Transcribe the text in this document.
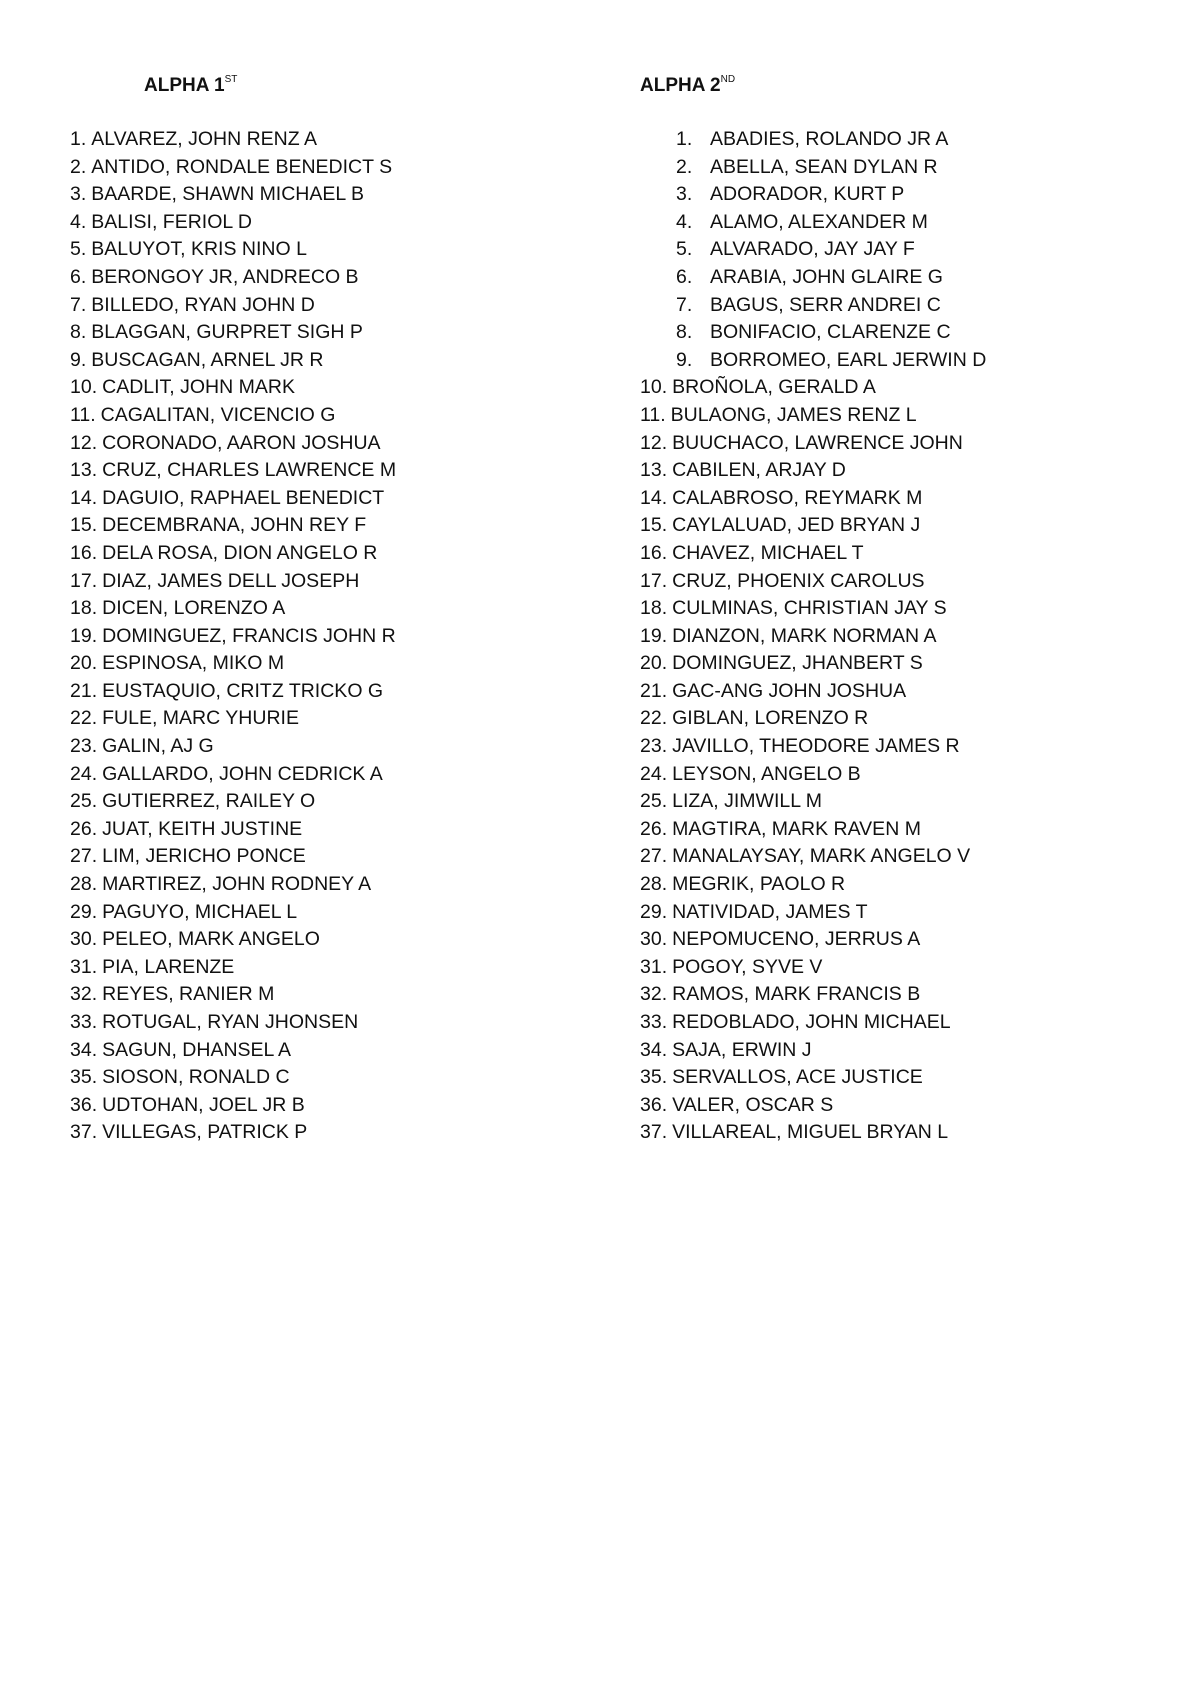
ALPHA 1ST
1. ALVAREZ, JOHN RENZ A
2. ANTIDO, RONDALE BENEDICT S
3. BAARDE, SHAWN MICHAEL B
4. BALISI, FERIOL D
5. BALUYOT, KRIS NINO L
6. BERONGOY JR, ANDRECO B
7. BILLEDO, RYAN JOHN D
8. BLAGGAN, GURPRET SIGH P
9. BUSCAGAN, ARNEL JR R
10. CADLIT, JOHN MARK
11. CAGALITAN, VICENCIO G
12. CORONADO, AARON JOSHUA
13. CRUZ, CHARLES LAWRENCE M
14. DAGUIO, RAPHAEL BENEDICT
15. DECEMBRANA, JOHN REY F
16. DELA ROSA, DION ANGELO R
17. DIAZ, JAMES DELL JOSEPH
18. DICEN, LORENZO A
19. DOMINGUEZ, FRANCIS JOHN R
20. ESPINOSA, MIKO M
21. EUSTAQUIO, CRITZ TRICKO G
22. FULE, MARC YHURIE
23. GALIN, AJ G
24. GALLARDO, JOHN CEDRICK A
25. GUTIERREZ, RAILEY O
26. JUAT, KEITH JUSTINE
27. LIM, JERICHO PONCE
28. MARTIREZ, JOHN RODNEY A
29. PAGUYO, MICHAEL L
30. PELEO, MARK ANGELO
31. PIA, LARENZE
32. REYES, RANIER M
33. ROTUGAL, RYAN JHONSEN
34. SAGUN, DHANSEL A
35. SIOSON, RONALD C
36. UDTOHAN, JOEL JR B
37. VILLEGAS, PATRICK P
ALPHA 2ND
1. ABADIES, ROLANDO JR A
2. ABELLA, SEAN DYLAN R
3. ADORADOR, KURT P
4. ALAMO, ALEXANDER M
5. ALVARADO, JAY JAY F
6. ARABIA, JOHN GLAIRE G
7. BAGUS, SERR ANDREI C
8. BONIFACIO, CLARENZE C
9. BORROMEO, EARL JERWIN D
10. BROÑOLA, GERALD A
11. BULAONG, JAMES RENZ L
12. BUUCHACO, LAWRENCE JOHN
13. CABILEN, ARJAY D
14. CALABROSO, REYMARK M
15. CAYLALUAD, JED BRYAN J
16. CHAVEZ, MICHAEL T
17. CRUZ, PHOENIX CAROLUS
18. CULMINAS, CHRISTIAN JAY S
19. DIANZON, MARK NORMAN A
20. DOMINGUEZ, JHANBERT S
21. GAC-ANG JOHN JOSHUA
22. GIBLAN, LORENZO R
23. JAVILLO, THEODORE JAMES R
24. LEYSON, ANGELO B
25. LIZA, JIMWILL M
26. MAGTIRA, MARK RAVEN M
27. MANALAYSAY, MARK ANGELO V
28. MEGRIK, PAOLO R
29. NATIVIDAD, JAMES T
30. NEPOMUCENO, JERRUS A
31. POGOY, SYVE V
32. RAMOS, MARK FRANCIS B
33. REDOBLADO, JOHN MICHAEL
34. SAJA, ERWIN J
35. SERVALLOS, ACE JUSTICE
36. VALER, OSCAR S
37. VILLAREAL, MIGUEL BRYAN L
